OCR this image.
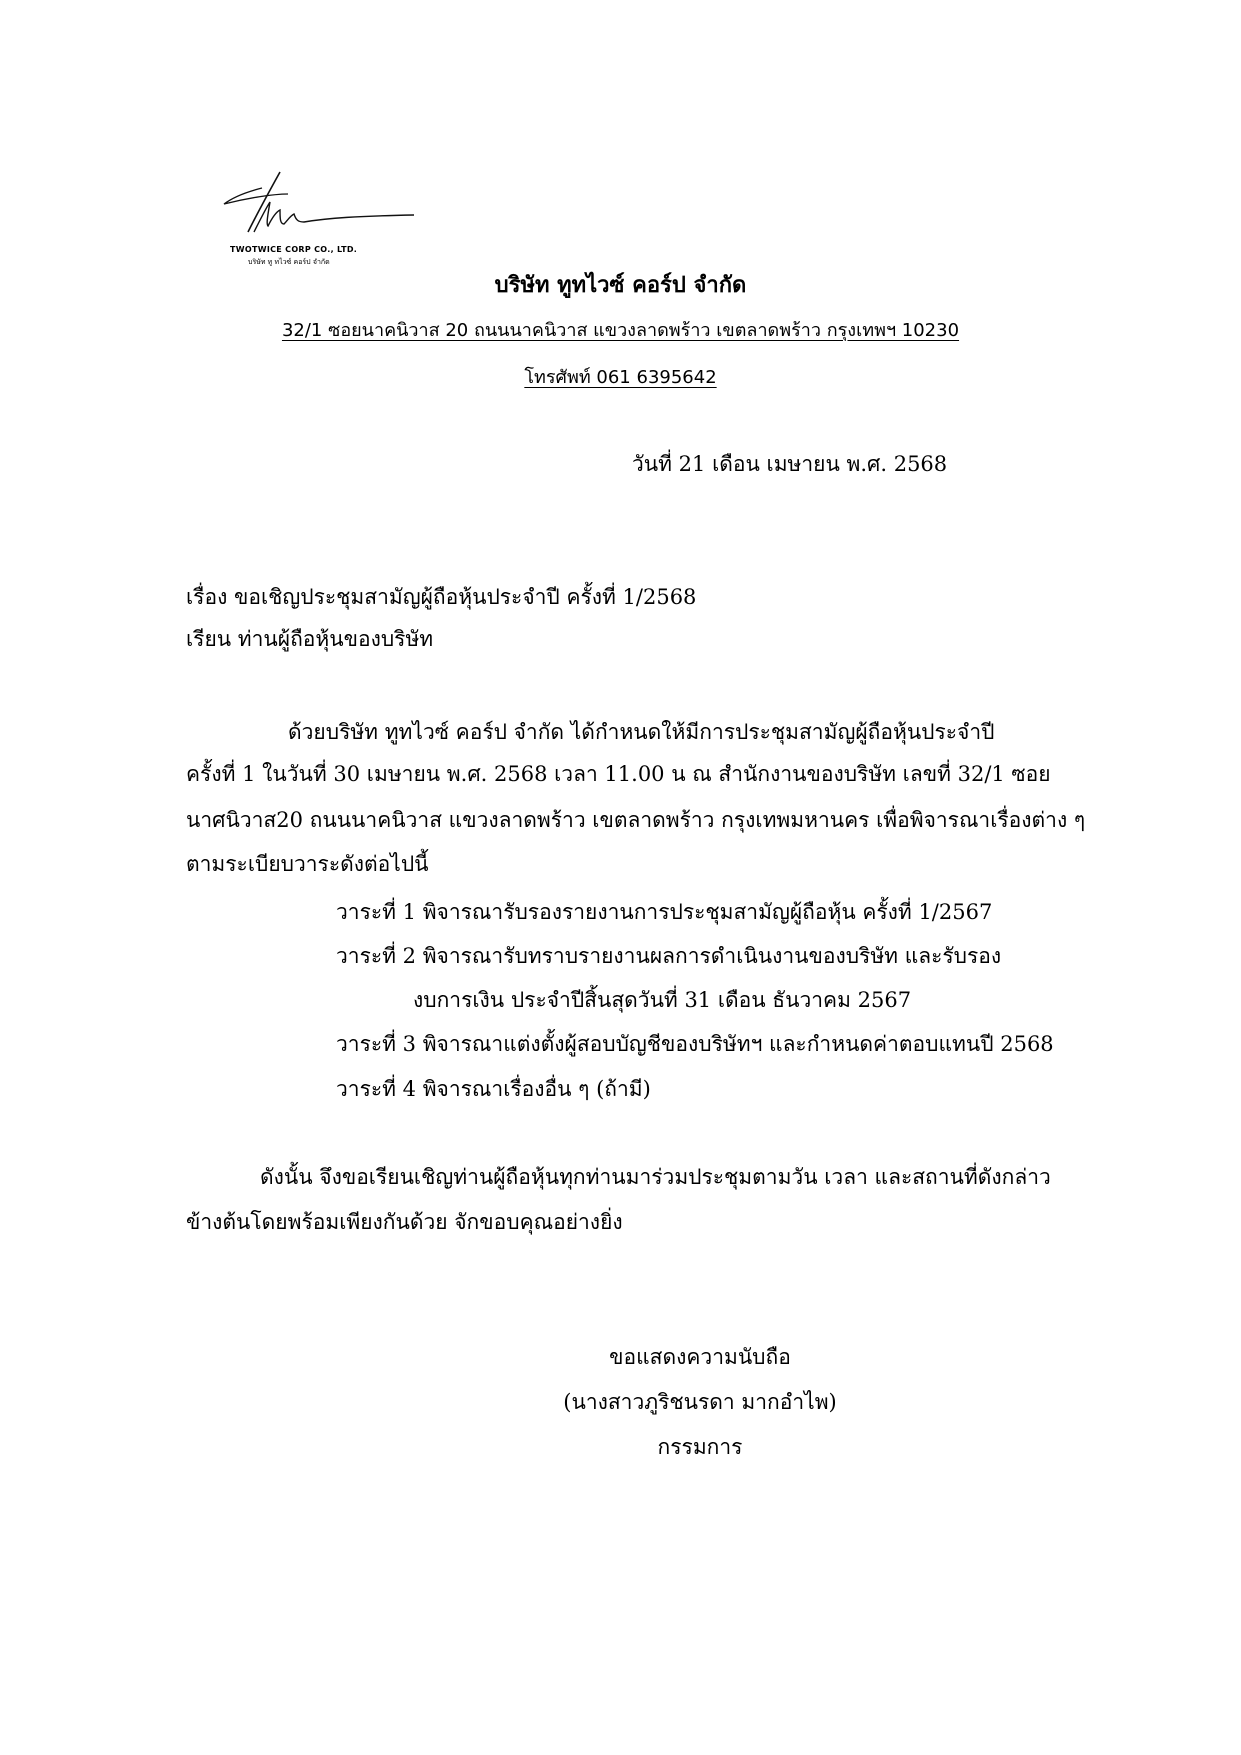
TWOTWICE CORP CO., LTD.
บริษัท ทู ทไวซ์ คอร์ป จำกัด
บริษัท ทูทไวซ์ คอร์ป จำกัด
32/1 ซอยนาคนิวาส 20 ถนนนาคนิวาส แขวงลาดพร้าว เขตลาดพร้าว กรุงเทพฯ 10230
โทรศัพท์ 061 6395642
วันที่ 21 เดือน เมษายน พ.ศ. 2568
เรื่อง ขอเชิญประชุมสามัญผู้ถือหุ้นประจำปี ครั้งที่ 1/2568
เรียน ท่านผู้ถือหุ้นของบริษัท
ด้วยบริษัท ทูทไวซ์ คอร์ป จำกัด ได้กำหนดให้มีการประชุมสามัญผู้ถือหุ้นประจำปี
ครั้งที่ 1 ในวันที่ 30 เมษายน พ.ศ. 2568 เวลา 11.00 น ณ สำนักงานของบริษัท เลขที่ 32/1 ซอย
นาศนิวาส20 ถนนนาคนิวาส แขวงลาดพร้าว เขตลาดพร้าว กรุงเทพมหานคร เพื่อพิจารณาเรื่องต่าง ๆ
ตามระเบียบวาระดังต่อไปนี้
วาระที่ 1 พิจารณารับรองรายงานการประชุมสามัญผู้ถือหุ้น ครั้งที่ 1/2567
วาระที่ 2 พิจารณารับทราบรายงานผลการดำเนินงานของบริษัท และรับรอง
งบการเงิน ประจำปีสิ้นสุดวันที่ 31 เดือน ธันวาคม 2567
วาระที่ 3 พิจารณาแต่งตั้งผู้สอบบัญชีของบริษัทฯ และกำหนดค่าตอบแทนปี 2568
วาระที่ 4 พิจารณาเรื่องอื่น ๆ (ถ้ามี)
ดังนั้น จึงขอเรียนเชิญท่านผู้ถือหุ้นทุกท่านมาร่วมประชุมตามวัน เวลา และสถานที่ดังกล่าว
ข้างต้นโดยพร้อมเพียงกันด้วย จักขอบคุณอย่างยิ่ง
ขอแสดงความนับถือ
(นางสาวภูริชนรดา มากอำไพ)
กรรมการ
